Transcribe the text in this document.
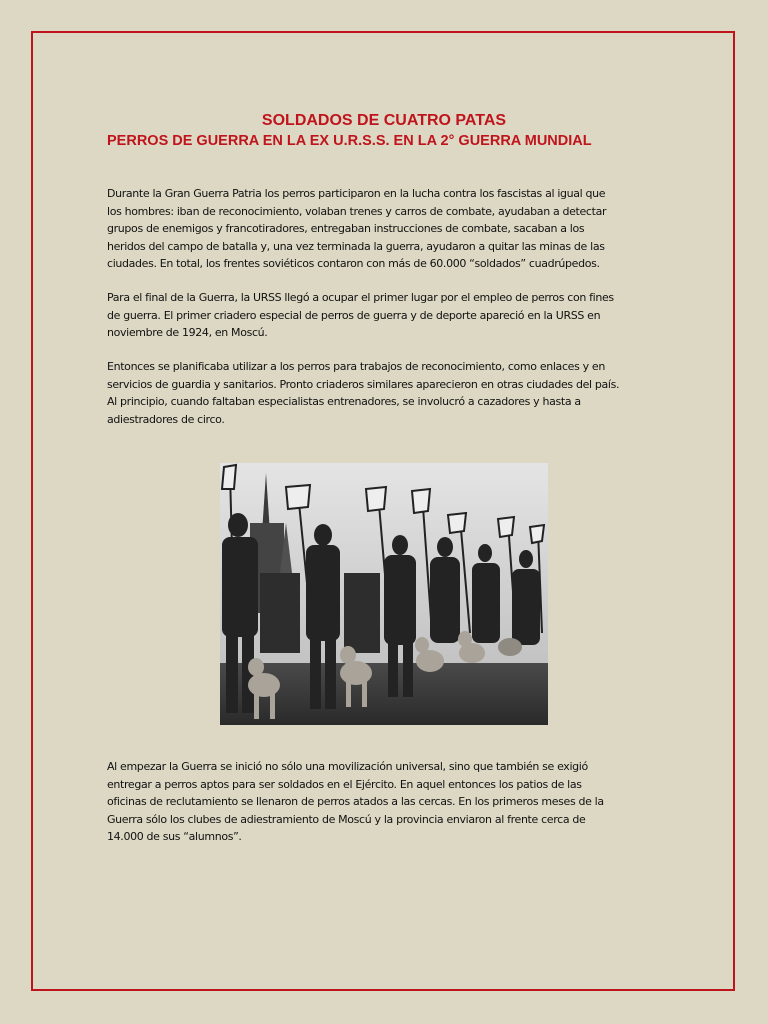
SOLDADOS DE CUATRO PATAS
PERROS DE GUERRA EN LA EX U.R.S.S. EN LA 2° GUERRA MUNDIAL
Durante la Gran Guerra Patria los perros participaron en la lucha contra los fascistas al igual que
los hombres: iban de reconocimiento, volaban trenes y carros de combate, ayudaban a detectar
grupos de enemigos y francotiradores, entregaban instrucciones de combate, sacaban a los
heridos del campo de batalla y, una vez terminada la guerra, ayudaron a quitar las minas de las
ciudades. En total, los frentes soviéticos contaron con más de 60.000 “soldados” cuadrúpedos.
Para el final de la Guerra, la URSS llegó a ocupar el primer lugar por el empleo de perros con fines
de guerra. El primer criadero especial de perros de guerra y de deporte apareció en la URSS en
noviembre de 1924, en Moscú.
Entonces se planificaba utilizar a los perros para trabajos de reconocimiento, como enlaces y en
servicios de guardia y sanitarios. Pronto criaderos similares aparecieron en otras ciudades del país.
Al principio, cuando faltaban especialistas entrenadores, se involucró a cazadores y hasta a
adiestradores de circo.
Al empezar la Guerra se inició no sólo una movilización universal, sino que también se exigió
entregar a perros aptos para ser soldados en el Ejército. En aquel entonces los patios de las
oficinas de reclutamiento se llenaron de perros atados a las cercas. En los primeros meses de la
Guerra sólo los clubes de adiestramiento de Moscú y la provincia enviaron al frente cerca de
14.000 de sus “alumnos”.
